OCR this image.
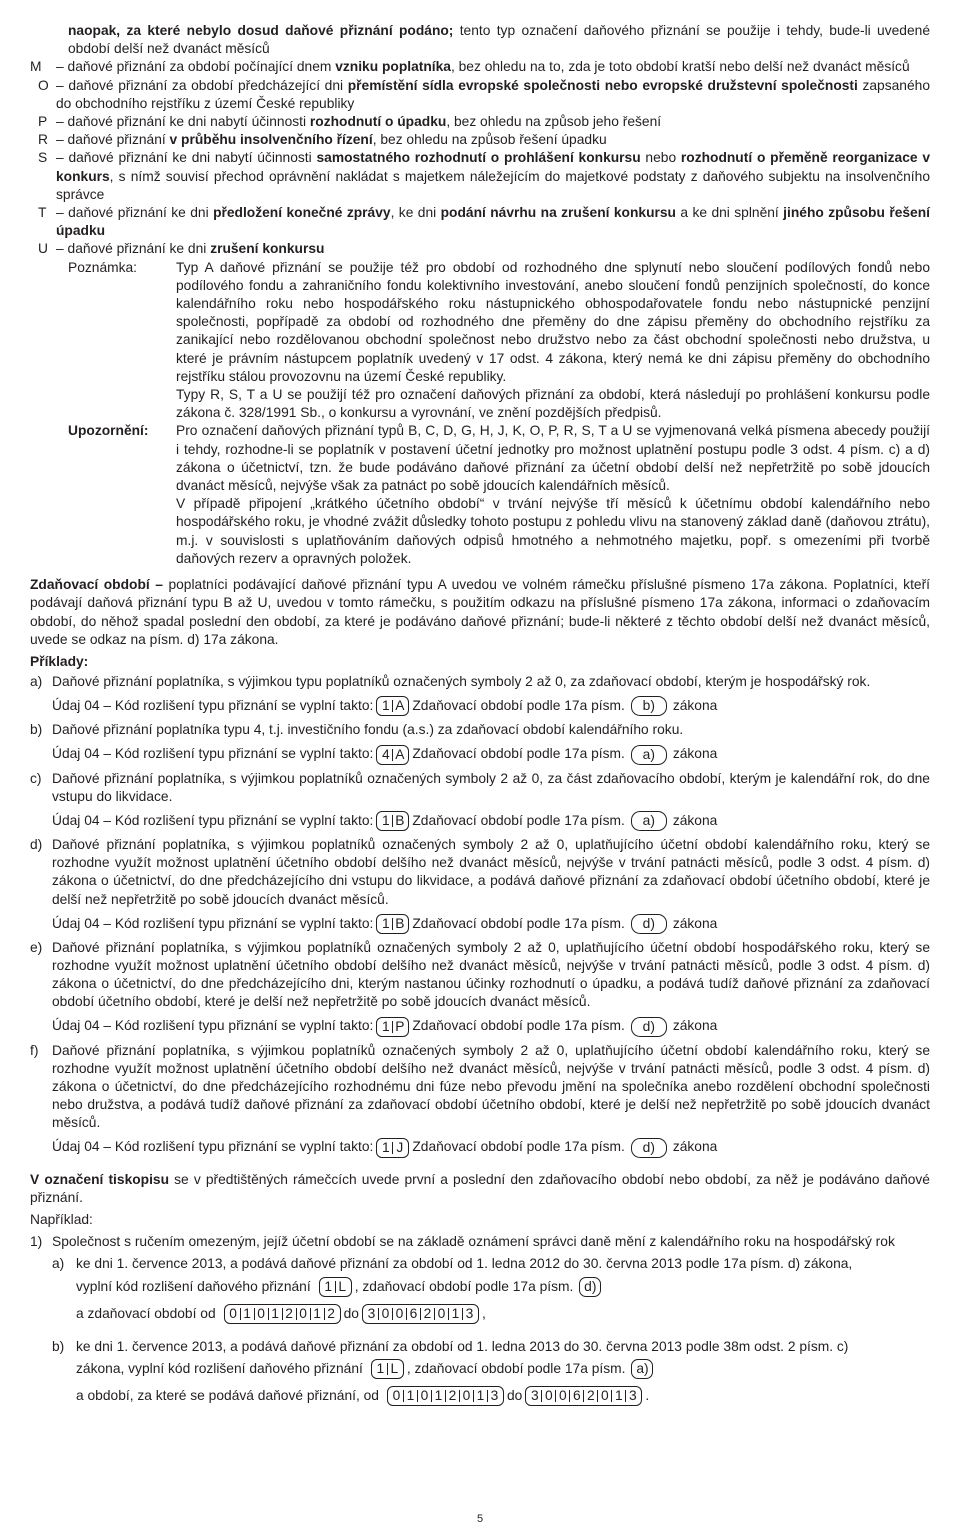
naopak, za které nebylo dosud daňové přiznání podáno; tento typ označení daňového přiznání se použije i tehdy, bude-li uvedené období delší než dvanáct měsíců

M	– daňové přiznání za období počínající dnem vzniku poplatníka, bez ohledu na to, zda je toto období kratší nebo delší než dvanáct měsíců
O – daňové přiznání za období předcházející dni přemístění sídla evropské společnosti nebo evropské družstevní společnosti zapsaného do obchodního rejstříku z území České republiky
P – daňové přiznání ke dni nabytí účinnosti rozhodnutí o úpadku, bez ohledu na způsob jeho řešení
R – daňové přiznání v průběhu insolvenčního řízení, bez ohledu na způsob řešení úpadku
S – daňové přiznání ke dni nabytí účinnosti samostatného rozhodnutí o prohlášení konkursu nebo rozhodnutí o přeměně reorganizace v konkurs, s nímž souvisí přechod oprávnění nakládat s majetkem náležejícím do majetkové podstaty z daňového subjektu na insolvenčního správce
T – daňové přiznání ke dni předložení konečné zprávy, ke dni podání návrhu na zrušení konkursu a ke dni splnění jiného způsobu řešení úpadku
U – daňové přiznání ke dni zrušení konkursu
Poznámka:	Typ A daňové přiznání se použije též pro období od rozhodného dne splynutí nebo sloučení podílových fondů nebo podílového fondu a zahraničního fondu kolektivního investování, anebo sloučení fondů penzijních společností, do konce kalendářního roku nebo hospodářského roku nástupnického obhospodařovatele fondu nebo nástupnické penzijní společnosti, popřípadě za období od rozhodného dne přeměny do dne zápisu přeměny do obchodního rejstříku za zanikající nebo rozdělovanou obchodní společnost nebo družstvo nebo za část obchodní společnosti nebo družstva, u které je právním nástupcem poplatník uvedený v 17 odst. 4 zákona, který nemá ke dni zápisu přeměny do obchodního rejstříku stálou provozovnu na území České republiky.

Typy R, S, T a U se použijí též pro označení daňových přiznání za období, která následují po prohlášení konkursu podle zákona č. 328/1991 Sb., o konkursu a vyrovnání, ve znění pozdějších předpisů.

Upozornění:	Pro označení daňových přiznání typů B, C, D, G, H, J, K, O, P, R, S, T a U se vyjmenovaná velká písmena abecedy použijí i tehdy, rozhodne-li se poplatník v postavení účetní jednotky pro možnost uplatnění postupu podle 3 odst. 4 písm. c) a d) zákona o účetnictví, tzn. že bude podáváno daňové přiznání za účetní období delší než nepřetržitě po sobě jdoucích dvanáct měsíců, nejvýše však za patnáct po sobě jdoucích kalendářních měsíců.

V případě připojení „krátkého účetního období“ v trvání nejvýše tří měsíců k účetnímu období kalendářního nebo hospodářského roku, je vhodné zvážit důsledky tohoto postupu z pohledu vlivu na stanovený základ daně (daňovou ztrátu), m.j. v souvislosti s uplatňováním daňových odpisů hmotného a nehmotného majetku, popř. s omezeními při tvorbě daňových rezerv a opravných položek.

Zdaňovací období – poplatníci podávající daňové přiznání typu A uvedou ve volném rámečku příslušné písmeno 17a zákona. Poplatníci, kteří podávají daňová přiznání typu B až U, uvedou v tomto rámečku, s použitím odkazu na příslušné písmeno 17a zákona, informaci o zdaňovacím období, do něhož spadal poslední den období, za které je podáváno daňové přiznání; bude-li některé z těchto období delší než dvanáct měsíců, uvede se odkaz na písm. d) 17a zákona.

Příklady:

a) Daňové přiznání poplatníka, s výjimkou typu poplatníků označených symboly 2 až 0, za zdaňovací období, kterým je hospodářský rok.
Údaj 04 – Kód rozlišení typu přiznání se vyplní takto: 1 A Zdaňovací období podle 17a písm.	b)	zákona
b) Daňové přiznání poplatníka typu 4, t.j. investičního fondu (a.s.) za zdaňovací období kalendářního roku.
Údaj 04 – Kód rozlišení typu přiznání se vyplní takto: 4 A Zdaňovací období podle 17a písm.	a)	zákona
c) Daňové přiznání poplatníka, s výjimkou poplatníků označených symboly 2 až 0, za část zdaňovacího období, kterým je kalendářní rok, do dne vstupu do likvidace.
Údaj 04 – Kód rozlišení typu přiznání se vyplní takto: 1 B Zdaňovací období podle 17a písm.	a)	zákona
d) Daňové přiznání poplatníka, s výjimkou poplatníků označených symboly 2 až 0, uplatňujícího účetní období kalendářního roku, který se rozhodne využít možnost uplatnění účetního období delšího než dvanáct měsíců, nejvýše v trvání patnácti měsíců, podle 3 odst. 4 písm. d) zákona o účetnictví, do dne předcházejícího dni vstupu do likvidace, a podává daňové přiznání za zdaňovací období účetního období, které je delší než nepřetržitě po sobě jdoucích dvanáct měsíců.
Údaj 04 – Kód rozlišení typu přiznání se vyplní takto: 1 B Zdaňovací období podle 17a písm.	d)	zákona
e) Daňové přiznání poplatníka, s výjimkou poplatníků označených symboly 2 až 0, uplatňujícího účetní období hospodářského roku, který se rozhodne využít možnost uplatnění účetního období delšího než dvanáct měsíců, nejvýše v trvání patnácti měsíců, podle 3 odst. 4 písm. d) zákona o účetnictví, do dne předcházejícího dni, kterým nastanou účinky rozhodnutí o úpadku, a podává tudíž daňové přiznání za zdaňovací období účetního období, které je delší než nepřetržitě po sobě jdoucích dvanáct měsíců.
Údaj 04 – Kód rozlišení typu přiznání se vyplní takto: 1 P Zdaňovací období podle 17a písm.	d)	zákona
f) Daňové přiznání poplatníka, s výjimkou poplatníků označených symboly 2 až 0, uplatňujícího účetní období kalendářního roku, který se rozhodne využít možnost uplatnění účetního období delšího než dvanáct měsíců, nejvýše v trvání patnácti měsíců, podle 3 odst. 4 písm. d) zákona o účetnictví, do dne předcházejícího rozhodnému dni fúze nebo převodu jmění na společníka anebo rozdělení obchodní společnosti nebo družstva, a podává tudíž daňové přiznání za zdaňovací období účetního období, které je delší než nepřetržitě po sobě jdoucích dvanáct měsíců.
Údaj 04 – Kód rozlišení typu přiznání se vyplní takto: 1 J Zdaňovací období podle 17a písm.	d)	zákona

V označení tiskopisu se v předtištěných rámečcích uvede první a poslední den zdaňovacího období nebo období, za něž je podáváno daňové přiznání.

Například:

1) Společnost s ručením omezeným, jejíž účetní období se na základě oznámení správci daně mění z kalendářního roku na hospodářský rok
a) ke dni 1. července 2013, a podává daňové přiznání za období od 1. ledna 2012 do 30. června 2013 podle 17a písm. d) zákona,

vyplní kód rozlišení daňového přiznání 1 L , zdaňovací období podle 17a písm. d)
a zdaňovací období od 0 1 0 1 2 0 1 2 do 3 0 0 6 2 0 1 3 ,
b) ke dni 1. července 2013, a podává daňové přiznání za období od 1. ledna 2013 do 30. června 2013 podle 38m odst. 2 písm. c)

zákona, vyplní kód rozlišení daňového přiznání 1 L , zdaňovací období podle 17a písm. a)
a období, za které se podává daňové přiznání, od 0 1 0 1 2 0 1 3 do 3 0 0 6 2 0 1 3 .
5
